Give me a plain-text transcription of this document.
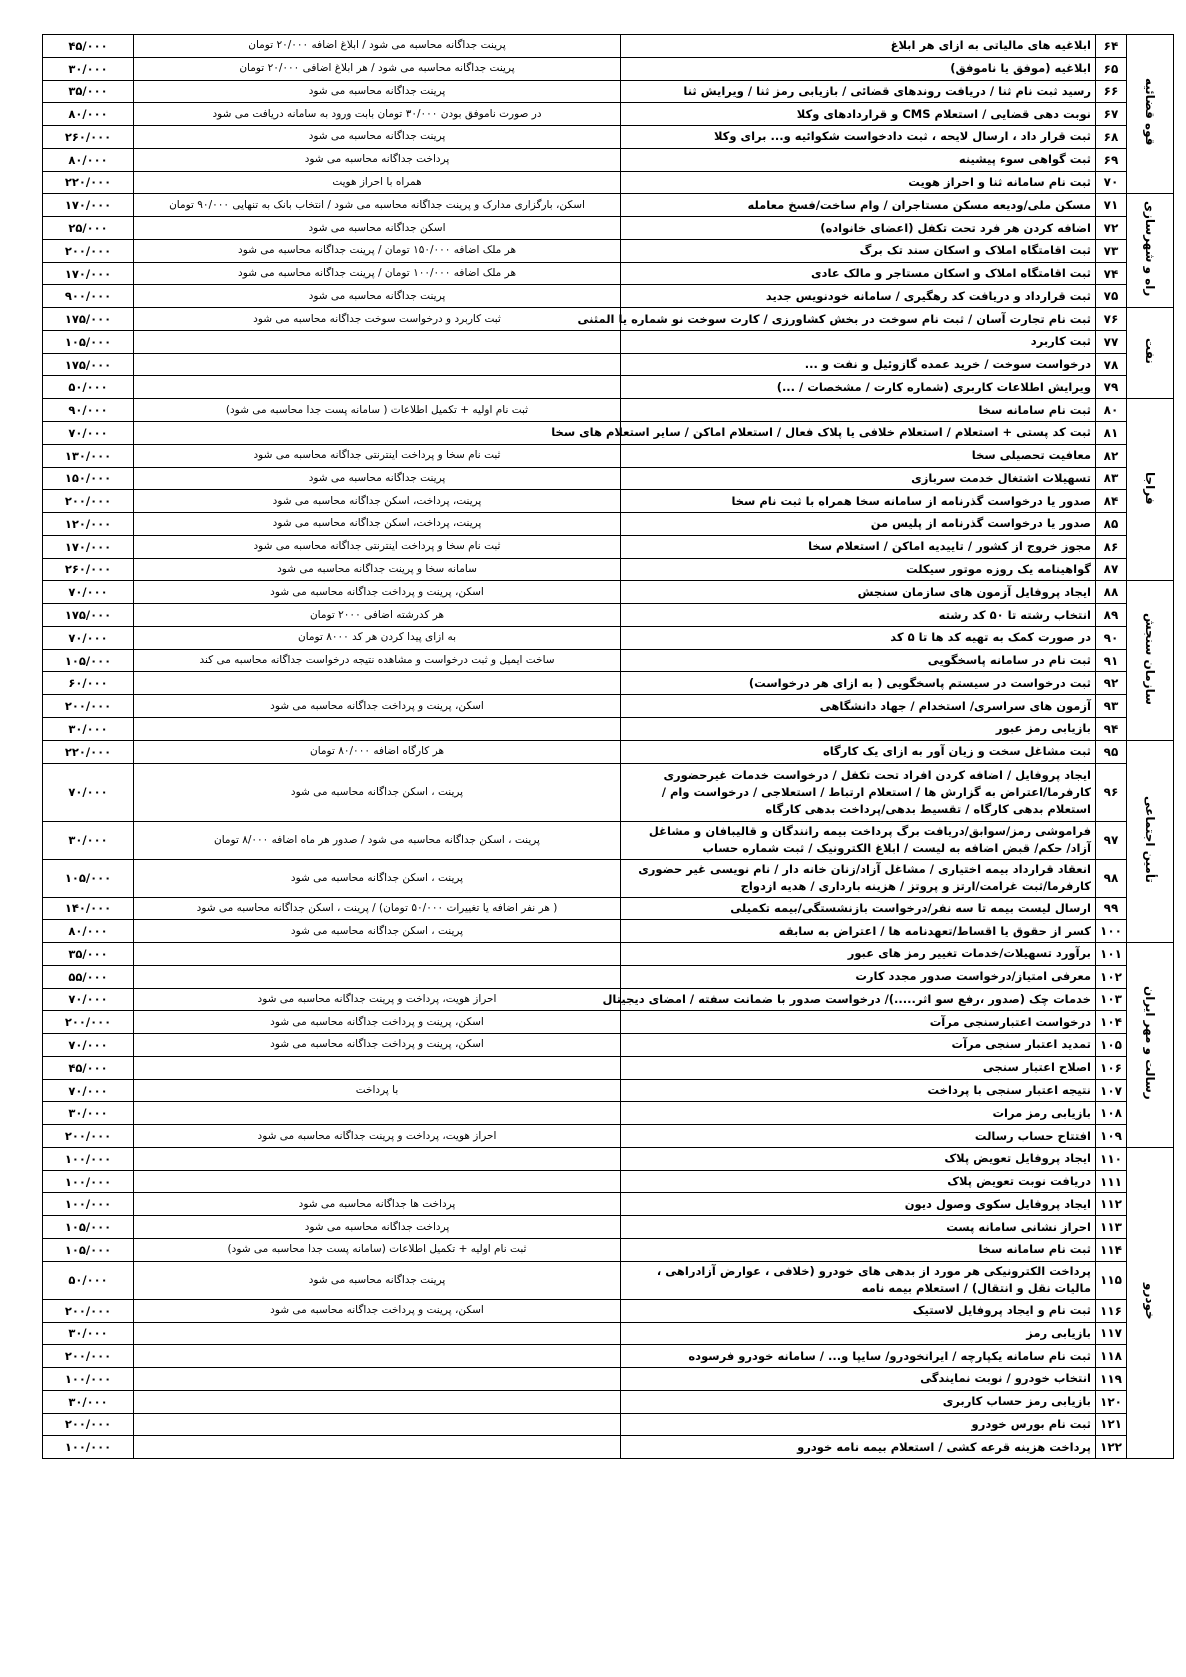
قوه قضائیه	۶۴	ابلاغیه های مالیاتی به ازای هر ابلاغ	پرینت جداگانه محاسبه می شود / ابلاغ اضافه ۲۰/۰۰۰ تومان	۴۵/۰۰۰
	۶۵	ابلاغیه (موفق یا ناموفق)	پرینت جداگانه محاسبه می شود / هر ابلاغ اضافی ۲۰/۰۰۰ تومان	۳۰/۰۰۰
	۶۶	رسید ثبت نام ثنا / دریافت روندهای قضائی / بازیابی رمز ثنا / ویرایش ثنا	پرینت جداگانه محاسبه می شود	۳۵/۰۰۰
	۶۷	نوبت دهی قضایی / استعلام CMS و قراردادهای وکلا	در صورت ناموفق بودن ۳۰/۰۰۰ تومان بابت ورود به سامانه دریافت می شود	۸۰/۰۰۰
	۶۸	ثبت قرار داد ، ارسال لایحه ، ثبت دادخواست شکوائیه و... برای وکلا	پرینت جداگانه محاسبه می شود	۲۶۰/۰۰۰
	۶۹	ثبت گواهی سوء پیشینه	پرداخت جداگانه محاسبه می شود	۸۰/۰۰۰
	۷۰	ثبت نام سامانه ثنا و احراز هویت	همراه با احراز هویت	۲۲۰/۰۰۰
راه و شهرسازی	۷۱	مسکن ملی/ودیعه مسکن مستاجران / وام ساخت/فسخ معامله	اسکن، بارگزاری مدارک و پرینت جداگانه محاسبه می شود / انتخاب بانک به تنهایی ۹۰/۰۰۰ تومان	۱۷۰/۰۰۰
	۷۲	اضافه کردن هر فرد تحت تکفل (اعضای خانواده)	اسکن جداگانه محاسبه می شود	۲۵/۰۰۰
	۷۳	ثبت اقامتگاه املاک و اسکان سند تک برگ	هر ملک اضافه ۱۵۰/۰۰۰ تومان / پرینت جداگانه محاسبه می شود	۲۰۰/۰۰۰
	۷۴	ثبت اقامتگاه املاک و اسکان مستاجر و مالک عادی	هر ملک اضافه ۱۰۰/۰۰۰ تومان / پرینت جداگانه محاسبه می شود	۱۷۰/۰۰۰
	۷۵	ثبت قرارداد و دریافت کد رهگیری / سامانه خودنویس جدید	پرینت جداگانه محاسبه می شود	۹۰۰/۰۰۰
نفت	۷۶	ثبت نام تجارت آسان / ثبت نام سوخت در بخش کشاورزی / کارت سوخت نو شماره یا المثنی	ثبت کاربرد و درخواست سوخت جداگانه محاسبه می شود	۱۷۵/۰۰۰
	۷۷	ثبت کاربرد		۱۰۵/۰۰۰
	۷۸	درخواست سوخت / خرید عمده گازوئیل و نفت و ...		۱۷۵/۰۰۰
	۷۹	ویرایش اطلاعات کاربری (شماره کارت / مشخصات / ...)		۵۰/۰۰۰
فراجا	۸۰	ثبت نام سامانه سخا	ثبت نام اولیه + تکمیل اطلاعات ( سامانه پست جدا محاسبه می شود)	۹۰/۰۰۰
	۸۱	ثبت کد پستی + استعلام / استعلام خلافی یا پلاک فعال / استعلام اماکن / سایر استعلام های سخا		۷۰/۰۰۰
	۸۲	معافیت تحصیلی سخا	ثبت نام سخا و پرداخت اینترنتی جداگانه محاسبه می شود	۱۳۰/۰۰۰
	۸۳	تسهیلات اشتغال خدمت سربازی	پرینت جداگانه محاسبه می شود	۱۵۰/۰۰۰
	۸۴	صدور یا درخواست گذرنامه از سامانه سخا همراه با ثبت نام سخا	پرینت، پرداخت، اسکن جداگانه محاسبه می شود	۲۰۰/۰۰۰
	۸۵	صدور یا درخواست گذرنامه از پلیس من	پرینت، پرداخت، اسکن جداگانه محاسبه می شود	۱۲۰/۰۰۰
	۸۶	مجوز خروج از کشور / تاییدیه اماکن / استعلام سخا	ثبت نام سخا و پرداخت اینترنتی جداگانه محاسبه می شود	۱۷۰/۰۰۰
	۸۷	گواهینامه یک روزه موتور سیکلت	سامانه سخا و پرینت جداگانه محاسبه می شود	۲۶۰/۰۰۰
سازمان سنجش	۸۸	ایجاد پروفایل آزمون های سازمان سنجش	اسکن، پرینت و پرداخت جداگانه محاسبه می شود	۷۰/۰۰۰
	۸۹	انتخاب رشته تا ۵۰ کد رشته	هر کدرشته اضافی ۲۰۰۰ تومان	۱۷۵/۰۰۰
	۹۰	در صورت کمک به تهیه کد ها تا ۵ کد	به ازای پیدا کردن هر کد ۸۰۰۰ تومان	۷۰/۰۰۰
	۹۱	ثبت نام در سامانه پاسخگویی	ساخت ایمیل و ثبت درخواست و مشاهده نتیجه درخواست جداگانه محاسبه می کند	۱۰۵/۰۰۰
	۹۲	ثبت درخواست در سیستم پاسخگویی ( به ازای هر درخواست)		۶۰/۰۰۰
	۹۳	آزمون های سراسری/ استخدام / جهاد دانشگاهی	اسکن، پرینت و پرداخت جداگانه محاسبه می شود	۲۰۰/۰۰۰
	۹۴	بازیابی رمز عبور		۳۰/۰۰۰
تأمین اجتماعی	۹۵	ثبت مشاغل سخت و زیان آور به ازای یک کارگاه	هر کارگاه اضافه ۸۰/۰۰۰ تومان	۲۲۰/۰۰۰
	۹۶	ایجاد پروفایل / اضافه کردن افراد تحت تکفل / درخواست خدمات غیرحضوری کارفرما/اعتراض به گزارش ها / استعلام ارتباط / استعلاجی / درخواست وام /استعلام بدهی کارگاه / تقسیط بدهی/پرداخت بدهی کارگاه	پرینت ، اسکن جداگانه محاسبه می شود	۷۰/۰۰۰
	۹۷	فراموشی رمز/سوابق/دریافت برگ پرداخت بیمه رانندگان و قالیبافان و مشاغل آزاد/ حکم/ قبض اضافه به لیست / ابلاغ الکترونیک / ثبت شماره حساب	پرینت ، اسکن جداگانه محاسبه می شود / صدور هر ماه اضافه ۸/۰۰۰ تومان	۳۰/۰۰۰
	۹۸	انعقاد قرارداد بیمه اختیاری / مشاغل آزاد/زنان خانه دار / نام نویسی غیر حضوری کارفرما/ثبت غرامت/ارتز و پروتز / هزینه بارداری / هدیه ازدواج	پرینت ، اسکن جداگانه محاسبه می شود	۱۰۵/۰۰۰
	۹۹	ارسال لیست بیمه تا سه نفر/درخواست بازنشستگی/بیمه تکمیلی	( هر نفر اضافه یا تغییرات ۵۰/۰۰۰ تومان) / پرینت ، اسکن جداگانه محاسبه می شود	۱۴۰/۰۰۰
	۱۰۰	کسر از حقوق یا اقساط/تعهدنامه ها / اعتراض به سابقه	پرینت ، اسکن جداگانه محاسبه می شود	۸۰/۰۰۰
رسالت و مهر ایران	۱۰۱	برآورد تسهیلات/خدمات تغییر رمز های عبور		۳۵/۰۰۰
	۱۰۲	معرفی امتیاز/درخواست صدور مجدد کارت		۵۵/۰۰۰
	۱۰۳	خدمات چک (صدور ،رفع سو اثر.....)/ درخواست صدور با ضمانت سفته / امضای دیجیتال	احراز هویت، پرداخت و پرینت جداگانه محاسبه می شود	۷۰/۰۰۰
	۱۰۴	درخواست اعتبارسنجی مرآت	اسکن، پرینت و پرداخت جداگانه محاسبه می شود	۲۰۰/۰۰۰
	۱۰۵	تمدید اعتبار سنجی مرآت	اسکن، پرینت و پرداخت جداگانه محاسبه می شود	۷۰/۰۰۰
	۱۰۶	اصلاح اعتبار سنجی		۴۵/۰۰۰
	۱۰۷	نتیجه اعتبار سنجی با پرداخت	با پرداخت	۷۰/۰۰۰
	۱۰۸	بازیابی رمز مرات		۳۰/۰۰۰
	۱۰۹	افتتاح حساب رسالت	احراز هویت، پرداخت و پرینت جداگانه محاسبه می شود	۲۰۰/۰۰۰
خودرو	۱۱۰	ایجاد پروفایل تعویض پلاک		۱۰۰/۰۰۰
	۱۱۱	دریافت نوبت تعویض پلاک		۱۰۰/۰۰۰
	۱۱۲	ایجاد پروفایل سکوی وصول دیون	پرداخت ها جداگانه محاسبه می شود	۱۰۰/۰۰۰
	۱۱۳	احراز نشانی سامانه پست	پرداخت جداگانه محاسبه می شود	۱۰۵/۰۰۰
	۱۱۴	ثبت نام سامانه سخا	ثبت نام اولیه + تکمیل اطلاعات (سامانه پست جدا محاسبه می شود)	۱۰۵/۰۰۰
	۱۱۵	پرداخت الکترونیکی هر مورد از بدهی های خودرو (خلافی ، عوارض آزادراهی ، مالیات نقل و انتقال) / استعلام بیمه نامه	پرینت جداگانه محاسبه می شود	۵۰/۰۰۰
	۱۱۶	ثبت نام و ایجاد پروفایل لاستیک	اسکن، پرینت و پرداخت جداگانه محاسبه می شود	۲۰۰/۰۰۰
	۱۱۷	بازیابی رمز		۳۰/۰۰۰
	۱۱۸	ثبت نام سامانه یکپارچه / ایرانخودرو/ سایپا و... / سامانه خودرو فرسوده		۲۰۰/۰۰۰
	۱۱۹	انتخاب خودرو / نوبت نمایندگی		۱۰۰/۰۰۰
	۱۲۰	بازیابی رمز حساب کاربری		۳۰/۰۰۰
	۱۲۱	ثبت نام بورس خودرو		۲۰۰/۰۰۰
	۱۲۲	پرداخت هزینه قرعه کشی / استعلام بیمه نامه خودرو		۱۰۰/۰۰۰
